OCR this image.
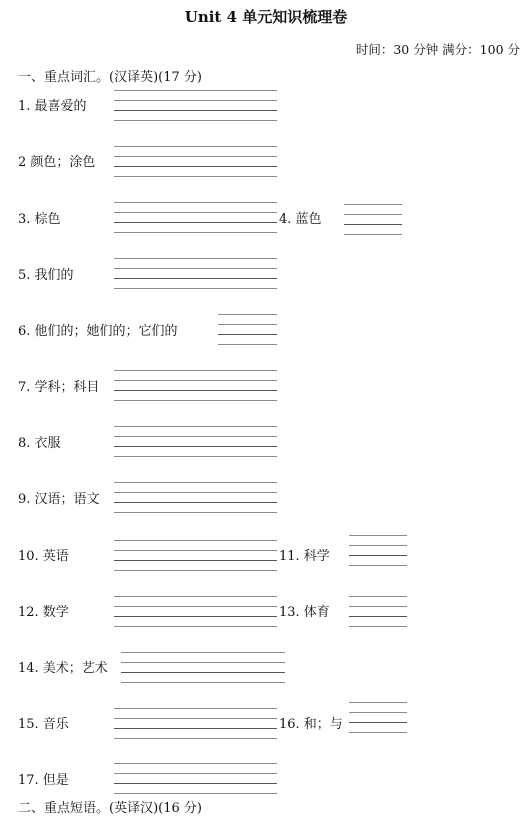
Unit 4 单元知识梳理卷
时间：30 分钟 满分：100 分
一、重点词汇。(汉译英)(17 分)
1. 最喜爱的
2 颜色；涂色
3. 棕色	4. 蓝色
5. 我们的
6. 他们的；她们的；它们的
7. 学科；科目
8. 衣服
9. 汉语；语文
10. 英语	11. 科学
12. 数学	13. 体育
14. 美术；艺术
15. 音乐	16. 和；与
17. 但是
二、重点短语。(英译汉)(16 分)
